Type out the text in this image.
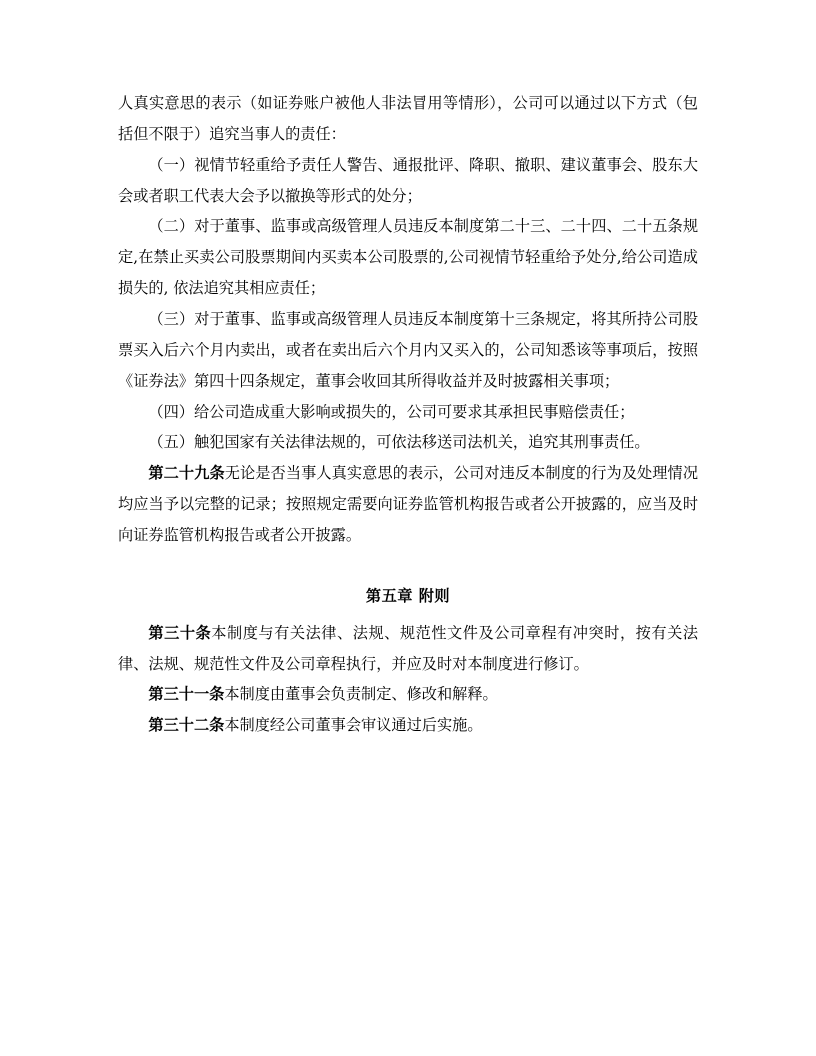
人真实意思的表示（如证券账户被他人非法冒用等情形），公司可以通过以下方式（包括但不限于）追究当事人的责任：

（一）视情节轻重给予责任人警告、通报批评、降职、撤职、建议董事会、股东大会或者职工代表大会予以撤换等形式的处分；

（二）对于董事、监事或高级管理人员违反本制度第二十三、二十四、二十五条规定,在禁止买卖公司股票期间内买卖本公司股票的,公司视情节轻重给予处分,给公司造成损失的, 依法追究其相应责任；

（三）对于董事、监事或高级管理人员违反本制度第十三条规定，将其所持公司股票买入后六个月内卖出，或者在卖出后六个月内又买入的，公司知悉该等事项后，按照《证券法》第四十四条规定，董事会收回其所得收益并及时披露相关事项；

（四）给公司造成重大影响或损失的，公司可要求其承担民事赔偿责任；

（五）触犯国家有关法律法规的，可依法移送司法机关，追究其刑事责任。

第二十九条无论是否当事人真实意思的表示，公司对违反本制度的行为及处理情况均应当予以完整的记录；按照规定需要向证券监管机构报告或者公开披露的，应当及时向证券监管机构报告或者公开披露。

第五章 附则

第三十条本制度与有关法律、法规、规范性文件及公司章程有冲突时，按有关法律、法规、规范性文件及公司章程执行，并应及时对本制度进行修订。

第三十一条本制度由董事会负责制定、修改和解释。

第三十二条本制度经公司董事会审议通过后实施。
